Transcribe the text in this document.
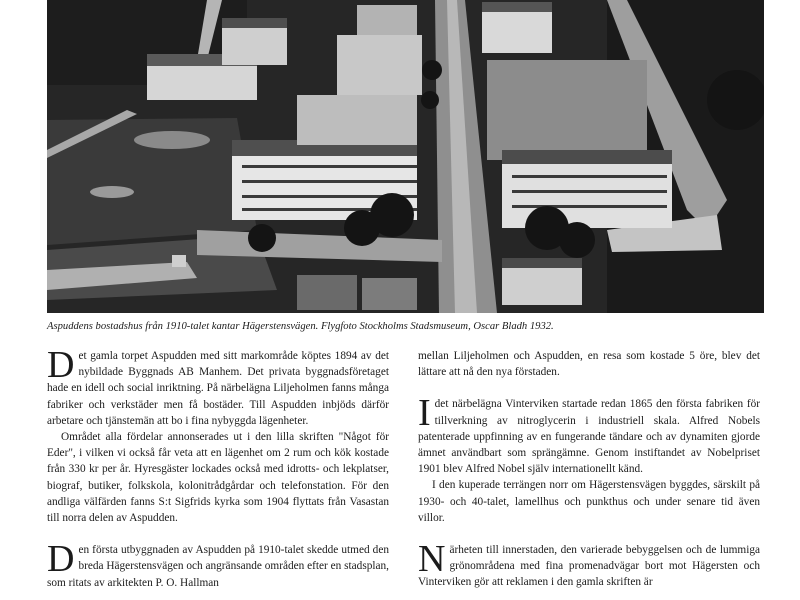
Aspuddens bostadshus från 1910-talet kantar Hägerstensvägen. Flygfoto Stockholms Stadsmuseum, Oscar Bladh 1932.

Det gamla torpet Aspudden med sitt markområde köptes 1894 av det nybildade Byggnads AB Manhem. Det privata byggnadsföretaget hade en idell och social inriktning. På närbelägna Liljeholmen fanns många fabriker och verkstäder men få bostäder. Till Aspudden inbjöds därför arbetare och tjänstemän att bo i fina nybyggda lägenheter.

Området alla fördelar annonserades ut i den lilla skriften "Något för Eder", i vilken vi också får veta att en lägenhet om 2 rum och kök kostade från 330 kr per år. Hyresgäster lockades också med idrotts- och lekplatser, biograf, butiker, folkskola, kolonitrådgårdar och telefonstation. För den andliga välfärden fanns S:t Sigfrids kyrka som 1904 flyttats från Vasastan till norra delen av Aspudden.

Den första utbyggnaden av Aspudden på 1910-talet skedde utmed den breda Hägerstensvägen och angränsande områden efter en stadsplan, som ritats av arkitekten P. O. Hallman

mellan Liljeholmen och Aspudden, en resa som kostade 5 öre, blev det lättare att nå den nya förstaden.

Idet närbelägna Vinterviken startade redan 1865 den första fabriken för tillverkning av nitroglycerin i industriell skala. Alfred Nobels patenterade uppfinning av en fungerande tändare och av dynamiten gjorde ämnet användbart som sprängämne. Genom instiftandet av Nobelpriset 1901 blev Alfred Nobel själv internationellt känd.

I den kuperade terrängen norr om Hägerstensvägen byggdes, särskilt på 1930- och 40-talet, lamellhus och punkthus och under senare tid även villor.

Närheten till innerstaden, den varierade bebyggelsen och de lummiga grönområdena med fina promenadvägar bort mot Hägersten och Vinterviken gör att reklamen i den gamla skriften är
